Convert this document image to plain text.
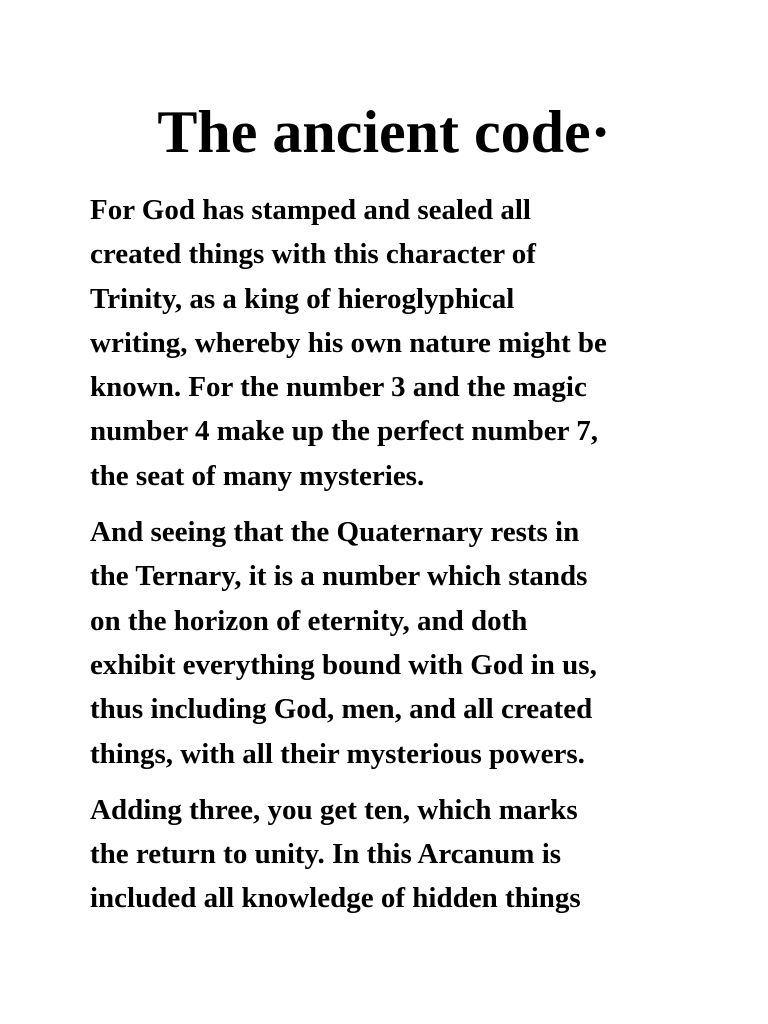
The ancient code·

For God has stamped and sealed all
created things with this character of
Trinity, as a king of hieroglyphical
writing, whereby his own nature might be
known. For the number 3 and the magic
number 4 make up the perfect number 7,
the seat of many mysteries.

And seeing that the Quaternary rests in
the Ternary, it is a number which stands
on the horizon of eternity, and doth
exhibit everything bound with God in us,
thus including God, men, and all created
things, with all their mysterious powers.

Adding three, you get ten, which marks
the return to unity. In this Arcanum is
included all knowledge of hidden things
